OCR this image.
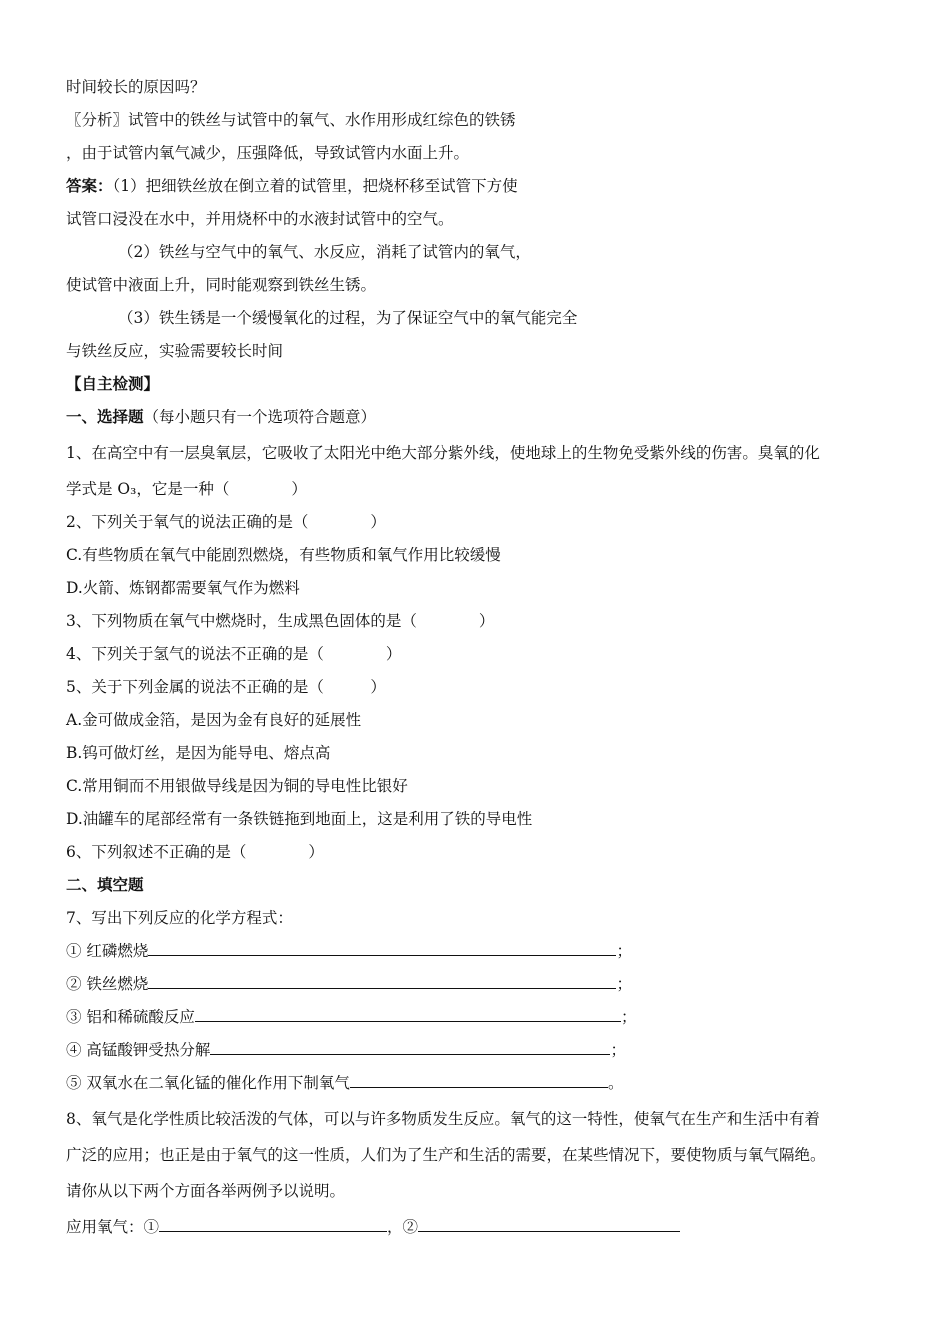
时间较长的原因吗？
〖分析〗试管中的铁丝与试管中的氧气、水作用形成红综色的铁锈
，由于试管内氧气减少，压强降低，导致试管内水面上升。
答案：（1）把细铁丝放在倒立着的试管里，把烧杯移至试管下方使
试管口浸没在水中，并用烧杯中的水液封试管中的空气。
（2）铁丝与空气中的氧气、水反应，消耗了试管内的氧气，
使试管中液面上升，同时能观察到铁丝生锈。
（3）铁生锈是一个缓慢氧化的过程，为了保证空气中的氧气能完全
与铁丝反应，实验需要较长时间
【自主检测】
一、选择题（每小题只有一个选项符合题意）
1、在高空中有一层臭氧层，它吸收了太阳光中绝大部分紫外线，使地球上的生物免受紫外线的伤害。臭氧的化
学式是 O₃，它是一种（　　　　）
2、下列关于氧气的说法正确的是（　　　　）
C.有些物质在氧气中能剧烈燃烧，有些物质和氧气作用比较缓慢
D.火箭、炼钢都需要氧气作为燃料
3、下列物质在氧气中燃烧时，生成黑色固体的是（　　　　）
4、下列关于氢气的说法不正确的是（　　　　）
5、关于下列金属的说法不正确的是（　　　）
A.金可做成金箔，是因为金有良好的延展性
B.钨可做灯丝，是因为能导电、熔点高
C.常用铜而不用银做导线是因为铜的导电性比银好
D.油罐车的尾部经常有一条铁链拖到地面上，这是利用了铁的导电性
6、下列叙述不正确的是（　　　　）
二、填空题
7、写出下列反应的化学方程式：
① 红磷燃烧	；
② 铁丝燃烧	；
③ 铝和稀硫酸反应	；
④ 高锰酸钾受热分解	；
⑤ 双氧水在二氧化锰的催化作用下制氧气	。
8、氧气是化学性质比较活泼的气体，可以与许多物质发生反应。氧气的这一特性，使氧气在生产和生活中有着
广泛的应用；也正是由于氧气的这一性质，人们为了生产和生活的需要，在某些情况下，要使物质与氧气隔绝。
请你从以下两个方面各举两例予以说明。
应用氧气：①	，②
